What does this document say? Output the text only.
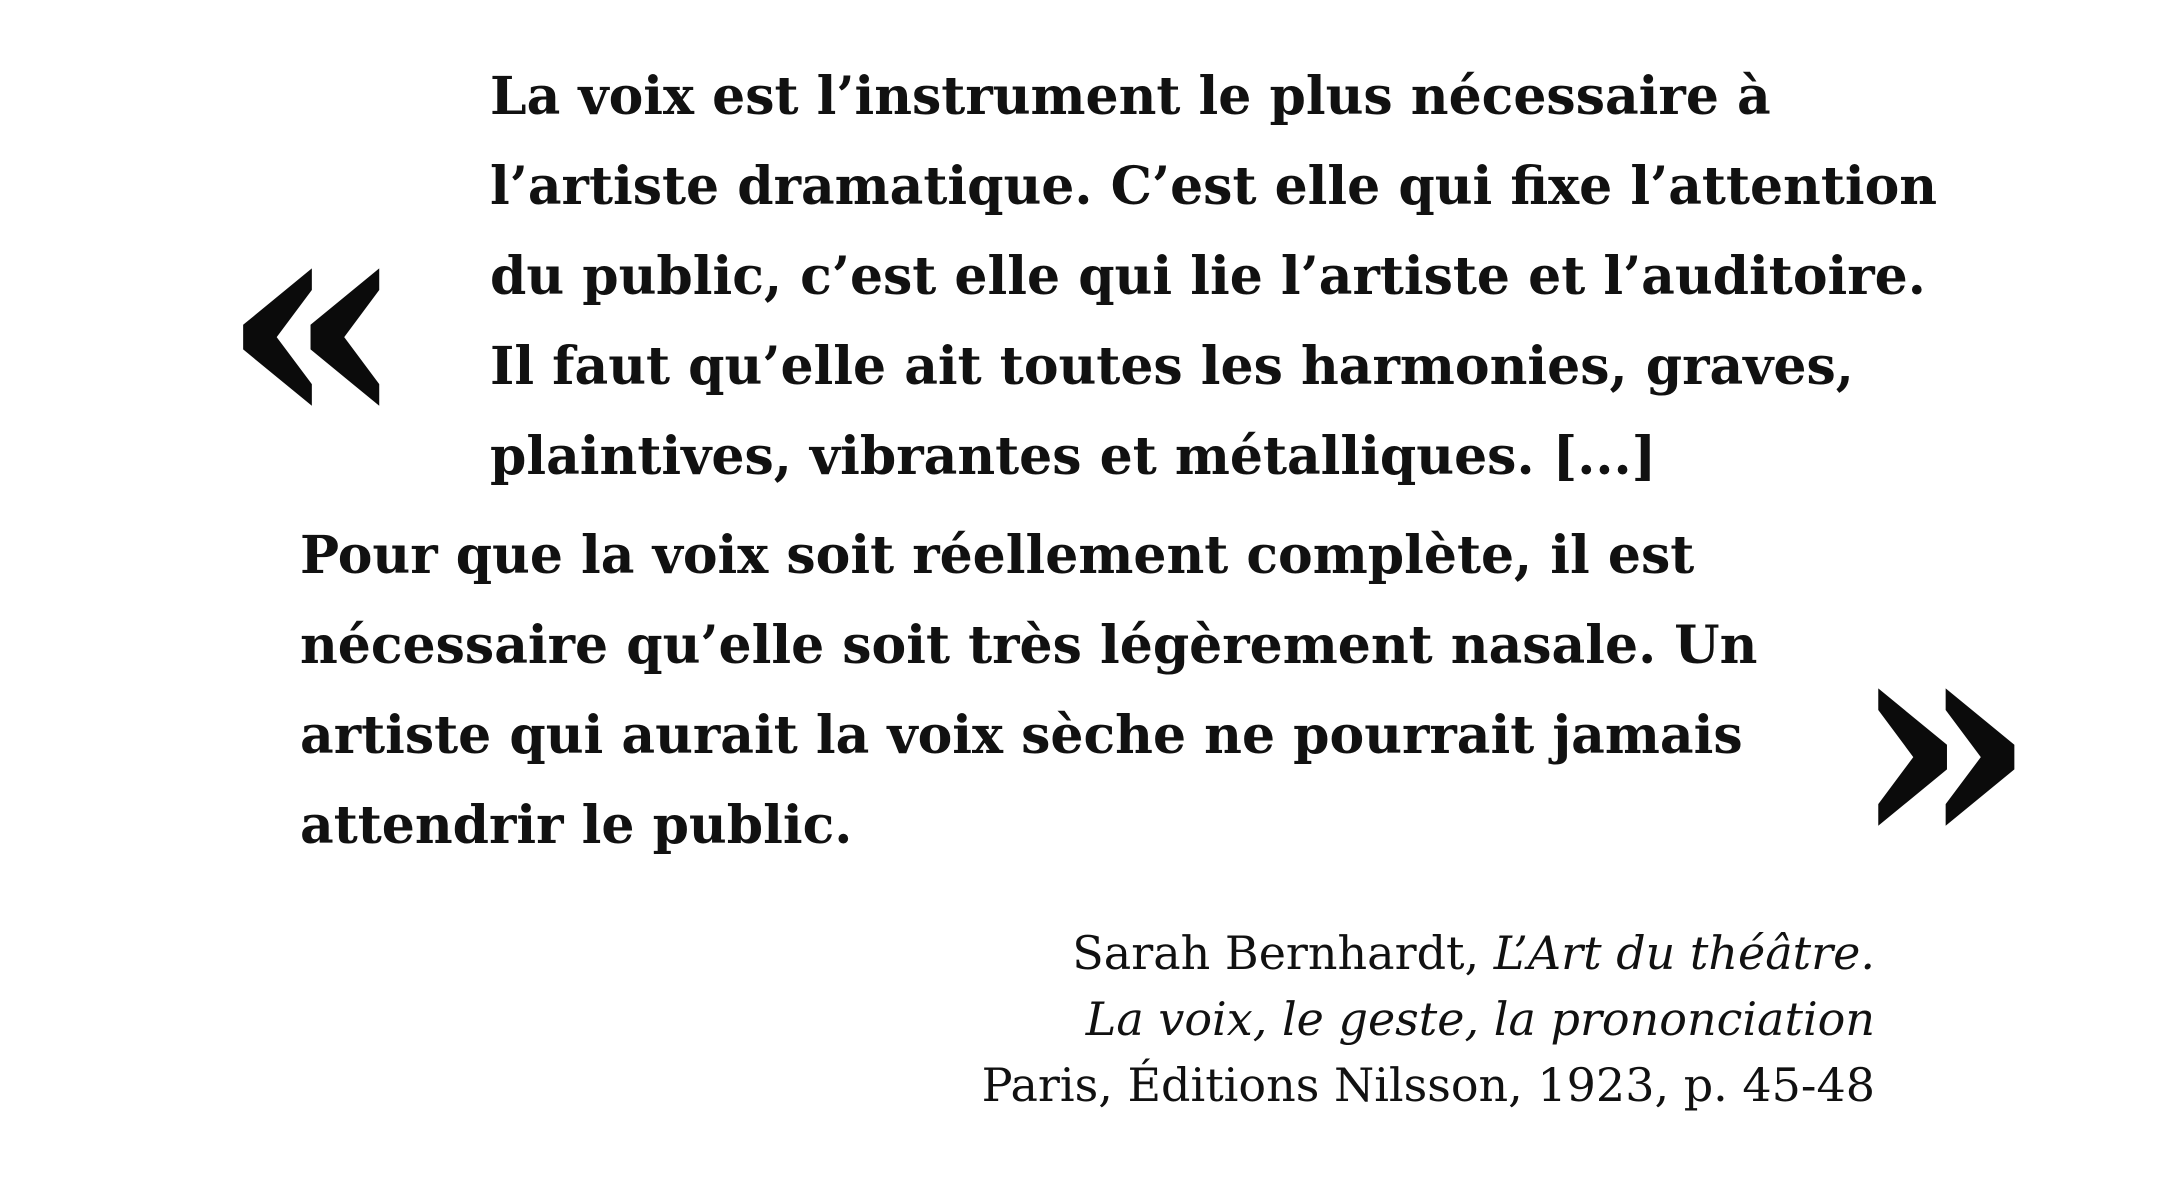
«
La voix est l’instrument le plus nécessaire à
l’artiste dramatique. C’est elle qui fixe l’attention
du public, c’est elle qui lie l’artiste et l’auditoire.
Il faut qu’elle ait toutes les harmonies, graves,
plaintives, vibrantes et métalliques. [...]
Pour que la voix soit réellement complète, il est
nécessaire qu’elle soit très légèrement nasale. Un
artiste qui aurait la voix sèche ne pourrait jamais
attendrir le public.	»
Sarah Bernhardt, L’Art du théâtre.
La voix, le geste, la prononciation
Paris, Éditions Nilsson, 1923, p. 45-48
